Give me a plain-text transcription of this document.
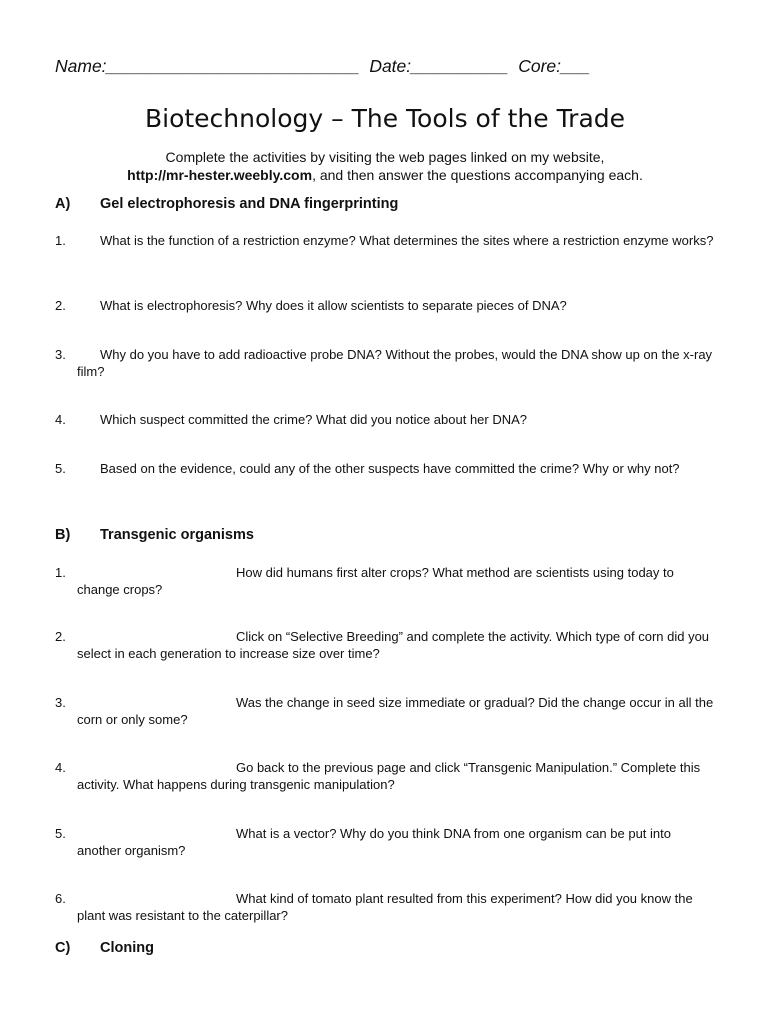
Name:__________________________  Date:__________  Core:___
Biotechnology – The Tools of the Trade
Complete the activities by visiting the web pages linked on my website,
http://mr-hester.weebly.com, and then answer the questions accompanying each.
A) Gel electrophoresis and DNA fingerprinting
1.	What is the function of a restriction enzyme? What determines the sites where a restriction enzyme works?
2.	What is electrophoresis? Why does it allow scientists to separate pieces of DNA?
3.	Why do you have to add radioactive probe DNA? Without the probes, would the DNA show up on the x-ray film?
4.	Which suspect committed the crime? What did you notice about her DNA?
5.	Based on the evidence, could any of the other suspects have committed the crime? Why or why not?
B) Transgenic organisms
1.	How did humans first alter crops? What method are scientists using today to change crops?
2.	Click on “Selective Breeding” and complete the activity. Which type of corn did you select in each generation to increase size over time?
3.	Was the change in seed size immediate or gradual? Did the change occur in all the corn or only some?
4.	Go back to the previous page and click “Transgenic Manipulation.” Complete this activity. What happens during transgenic manipulation?
5.	What is a vector? Why do you think DNA from one organism can be put into another organism?
6.	What kind of tomato plant resulted from this experiment? How did you know the plant was resistant to the caterpillar?
C) Cloning
